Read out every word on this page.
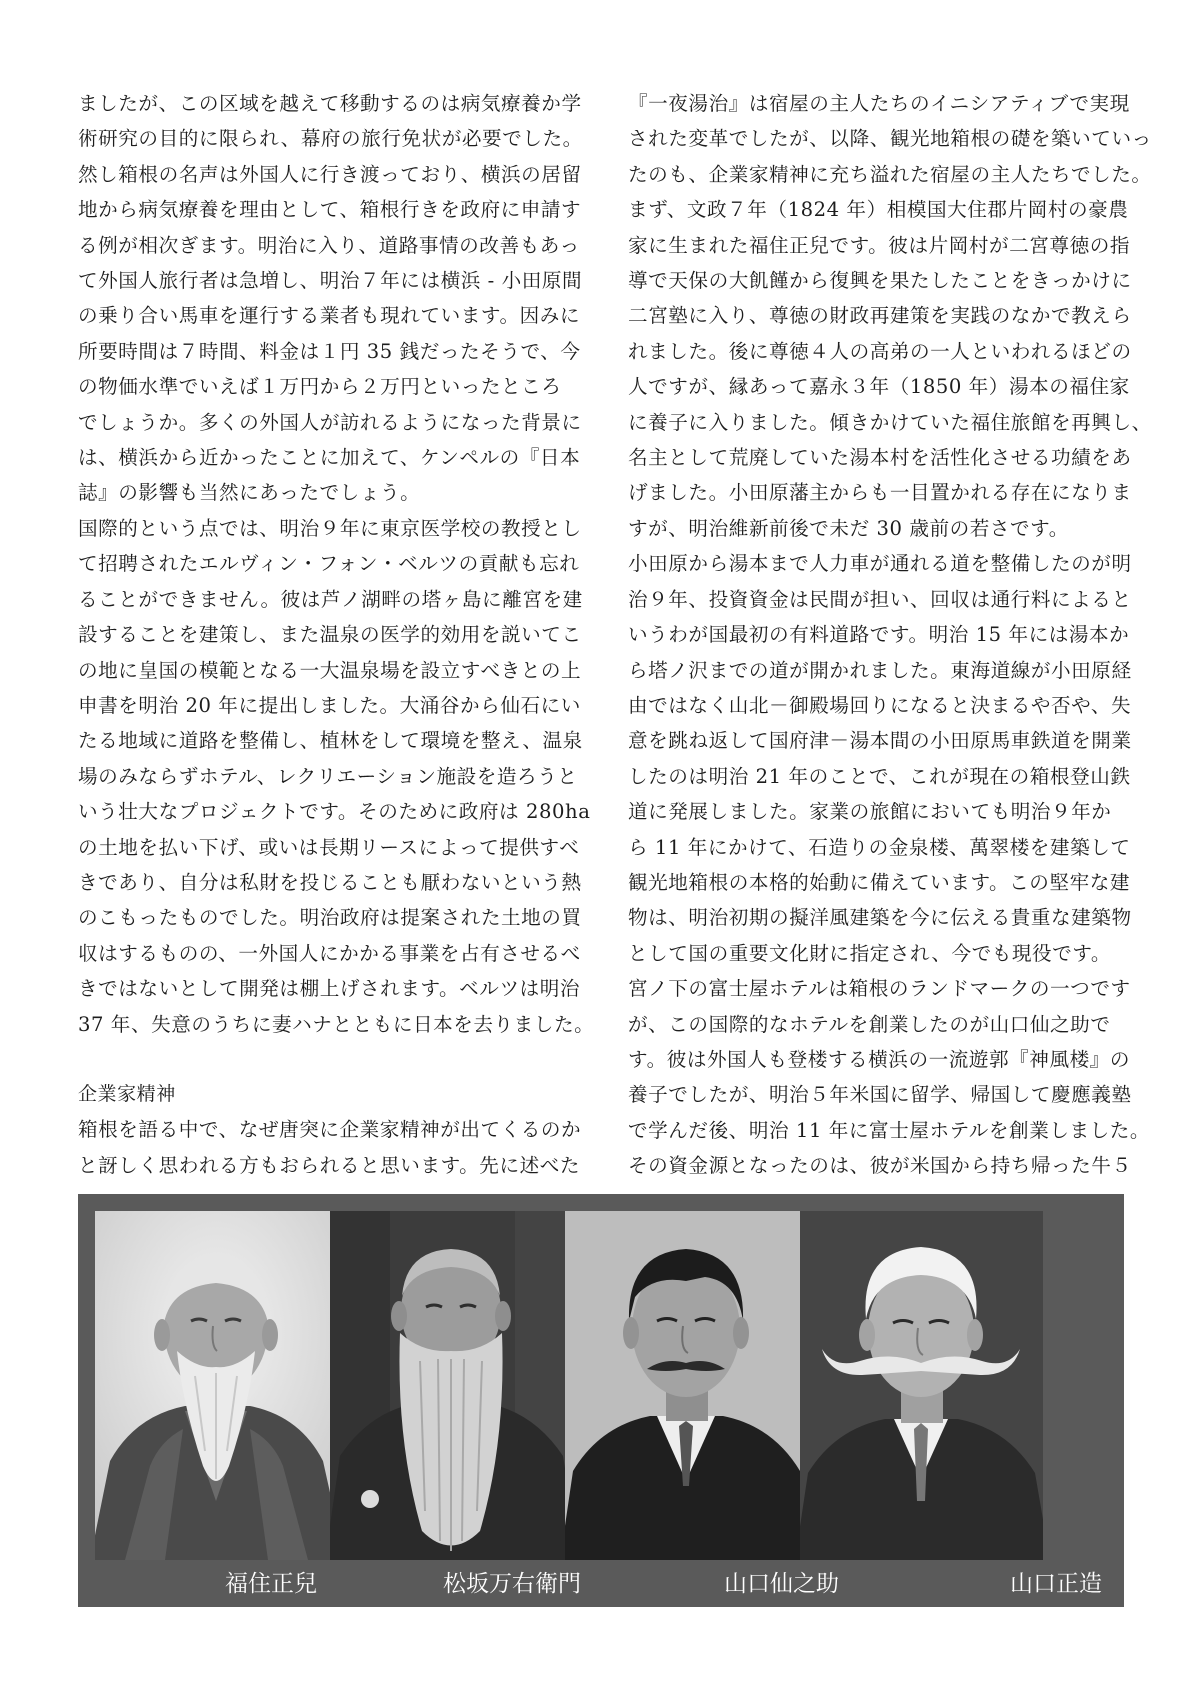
ましたが、この区域を越えて移動するのは病気療養か学
術研究の目的に限られ、幕府の旅行免状が必要でした。
然し箱根の名声は外国人に行き渡っており、横浜の居留
地から病気療養を理由として、箱根行きを政府に申請す
る例が相次ぎます。明治に入り、道路事情の改善もあっ
て外国人旅行者は急増し、明治７年には横浜 - 小田原間
の乗り合い馬車を運行する業者も現れています。因みに
所要時間は７時間、料金は１円 35 銭だったそうで、今
の物価水準でいえば１万円から２万円といったところ
でしょうか。多くの外国人が訪れるようになった背景に
は、横浜から近かったことに加えて、ケンペルの『日本
誌』の影響も当然にあったでしょう。
国際的という点では、明治９年に東京医学校の教授とし
て招聘されたエルヴィン・フォン・ベルツの貢献も忘れ
ることができません。彼は芦ノ湖畔の塔ヶ島に離宮を建
設することを建策し、また温泉の医学的効用を説いてこ
の地に皇国の模範となる一大温泉場を設立すべきとの上
申書を明治 20 年に提出しました。大涌谷から仙石にい
たる地域に道路を整備し、植林をして環境を整え、温泉
場のみならずホテル、レクリエーション施設を造ろうと
いう壮大なプロジェクトです。そのために政府は 280ha
の土地を払い下げ、或いは長期リースによって提供すべ
きであり、自分は私財を投じることも厭わないという熱
のこもったものでした。明治政府は提案された土地の買
収はするものの、一外国人にかかる事業を占有させるべ
きではないとして開発は棚上げされます。ベルツは明治
37 年、失意のうちに妻ハナとともに日本を去りました。
企業家精神
箱根を語る中で、なぜ唐突に企業家精神が出てくるのか
と訝しく思われる方もおられると思います。先に述べた
『一夜湯治』は宿屋の主人たちのイニシアティブで実現
された変革でしたが、以降、観光地箱根の礎を築いていっ
たのも、企業家精神に充ち溢れた宿屋の主人たちでした。
まず、文政７年（1824 年）相模国大住郡片岡村の豪農
家に生まれた福住正兒です。彼は片岡村が二宮尊徳の指
導で天保の大飢饉から復興を果たしたことをきっかけに
二宮塾に入り、尊徳の財政再建策を実践のなかで教えら
れました。後に尊徳４人の高弟の一人といわれるほどの
人ですが、縁あって嘉永３年（1850 年）湯本の福住家
に養子に入りました。傾きかけていた福住旅館を再興し、
名主として荒廃していた湯本村を活性化させる功績をあ
げました。小田原藩主からも一目置かれる存在になりま
すが、明治維新前後で未だ 30 歳前の若さです。
小田原から湯本まで人力車が通れる道を整備したのが明
治９年、投資資金は民間が担い、回収は通行料によると
いうわが国最初の有料道路です。明治 15 年には湯本か
ら塔ノ沢までの道が開かれました。東海道線が小田原経
由ではなく山北－御殿場回りになると決まるや否や、失
意を跳ね返して国府津－湯本間の小田原馬車鉄道を開業
したのは明治 21 年のことで、これが現在の箱根登山鉄
道に発展しました。家業の旅館においても明治９年か
ら 11 年にかけて、石造りの金泉楼、萬翠楼を建築して
観光地箱根の本格的始動に備えています。この堅牢な建
物は、明治初期の擬洋風建築を今に伝える貴重な建築物
として国の重要文化財に指定され、今でも現役です。
宮ノ下の富士屋ホテルは箱根のランドマークの一つです
が、この国際的なホテルを創業したのが山口仙之助で
す。彼は外国人も登楼する横浜の一流遊郭『神風楼』の
養子でしたが、明治５年米国に留学、帰国して慶應義塾
で学んだ後、明治 11 年に富士屋ホテルを創業しました。
その資金源となったのは、彼が米国から持ち帰った牛５
福住正兒	松坂万右衛門	山口仙之助	山口正造
